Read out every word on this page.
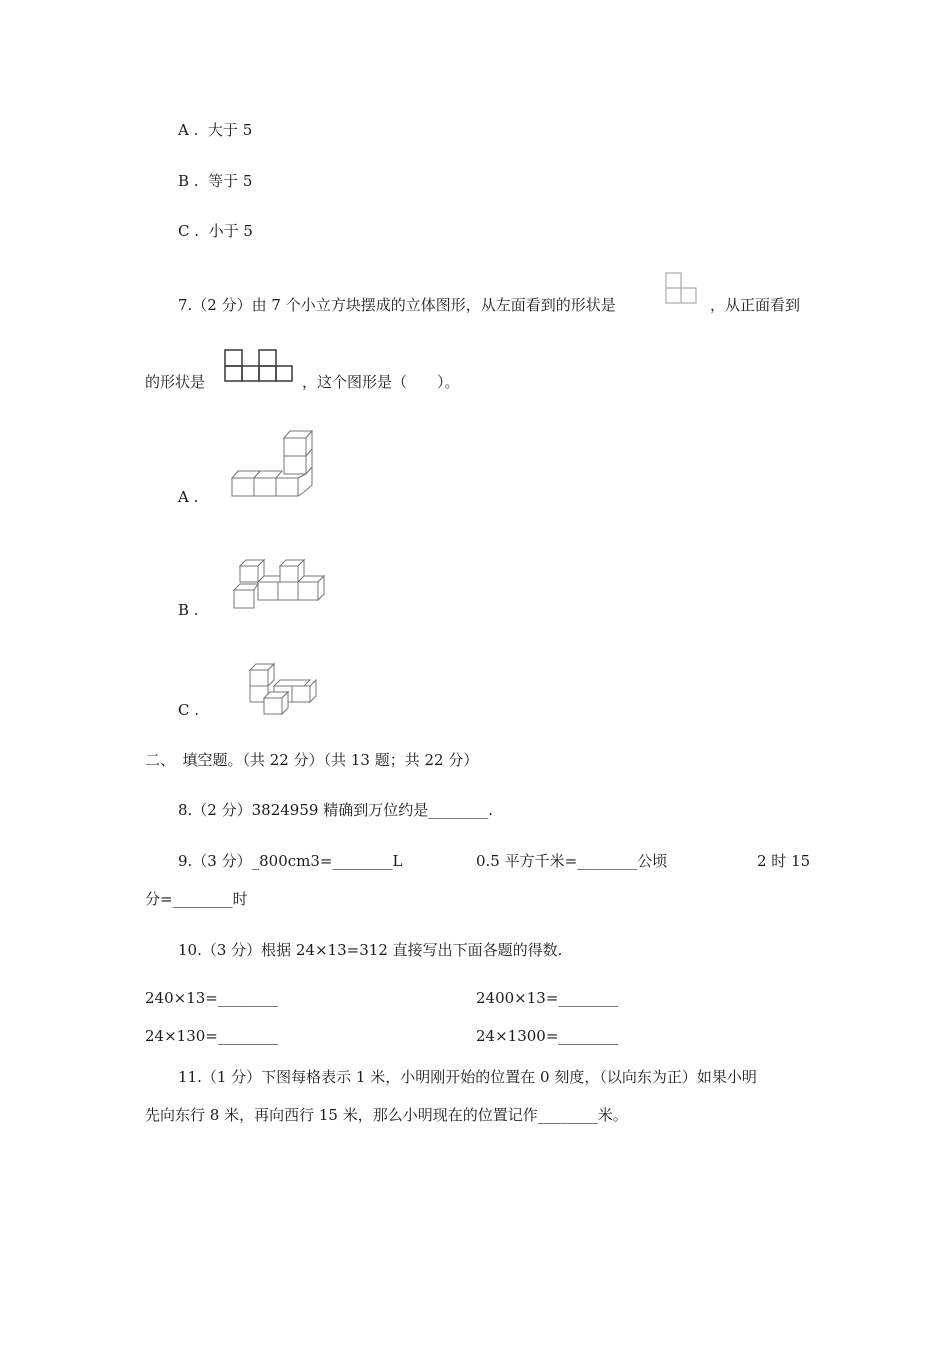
A .  大于 5
B .  等于 5
C .  小于 5
7.（2 分）由 7 个小立方块摆成的立体图形，从左面看到的形状是	，从正面看到
的形状是	，这个图形是（　　）。
A .
B .
C .
二、　填空题。（共 22 分）（共 13 题；共 22 分）
8.（2 分）3824959 精确到万位约是________.
9.（3 分）_800cm3=________L	0.5 平方千米=________公顷	2 时 15
分=________时
10.（3 分）根据 24×13=312 直接写出下面各题的得数.
240×13=________	2400×13=________
24×130=________	24×1300=________
11.（1 分）下图每格表示 1 米，小明刚开始的位置在 0 刻度，（以向东为正）如果小明
先向东行 8 米，再向西行 15 米，那么小明现在的位置记作________米。
